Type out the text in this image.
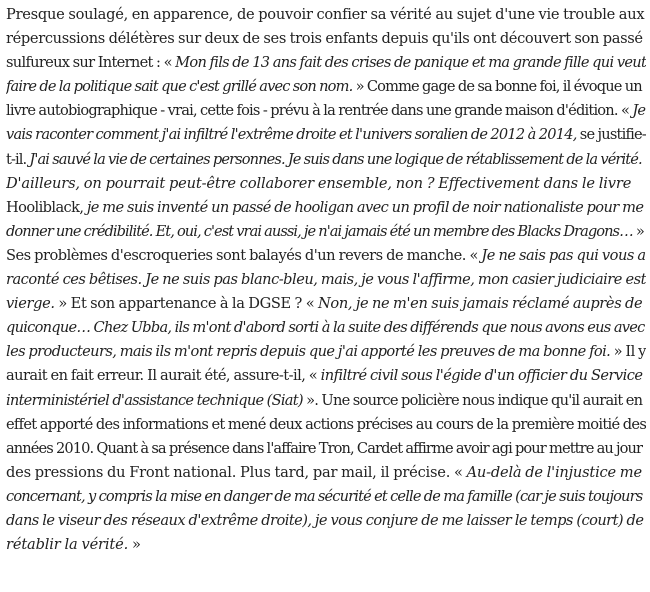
Presque soulagé, en apparence, de pouvoir confier sa vérité au sujet d'une vie trouble aux
répercussions délétères sur deux de ses trois enfants depuis qu'ils ont découvert son passé
sulfureux sur Internet : « Mon fils de 13 ans fait des crises de panique et ma grande fille qui veut
faire de la politique sait que c'est grillé avec son nom. » Comme gage de sa bonne foi, il évoque un
livre autobiographique - vrai, cette fois - prévu à la rentrée dans une grande maison d'édition. « Je
vais raconter comment j'ai infiltré l'extrême droite et l'univers soralien de 2012 à 2014, se justifie-
t-il. J'ai sauvé la vie de certaines personnes. Je suis dans une logique de rétablissement de la vérité.
D'ailleurs, on pourrait peut-être collaborer ensemble, non ? Effectivement dans le livre
Hooliblack, je me suis inventé un passé de hooligan avec un profil de noir nationaliste pour me
donner une crédibilité. Et, oui, c'est vrai aussi, je n'ai jamais été un membre des Blacks Dragons… »
Ses problèmes d'escroqueries sont balayés d'un revers de manche. « Je ne sais pas qui vous a
raconté ces bêtises. Je ne suis pas blanc-bleu, mais, je vous l'affirme, mon casier judiciaire est
vierge. » Et son appartenance à la DGSE ? « Non, je ne m'en suis jamais réclamé auprès de
quiconque… Chez Ubba, ils m'ont d'abord sorti à la suite des différends que nous avons eus avec
les producteurs, mais ils m'ont repris depuis que j'ai apporté les preuves de ma bonne foi. » Il y
aurait en fait erreur. Il aurait été, assure-t-il, « infiltré civil sous l'égide d'un officier du Service
interministériel d'assistance technique (Siat) ». Une source policière nous indique qu'il aurait en
effet apporté des informations et mené deux actions précises au cours de la première moitié des
années 2010. Quant à sa présence dans l'affaire Tron, Cardet affirme avoir agi pour mettre au jour
des pressions du Front national. Plus tard, par mail, il précise. « Au-delà de l'injustice me
concernant, y compris la mise en danger de ma sécurité et celle de ma famille (car je suis toujours
dans le viseur des réseaux d'extrême droite), je vous conjure de me laisser le temps (court) de
rétablir la vérité. »
